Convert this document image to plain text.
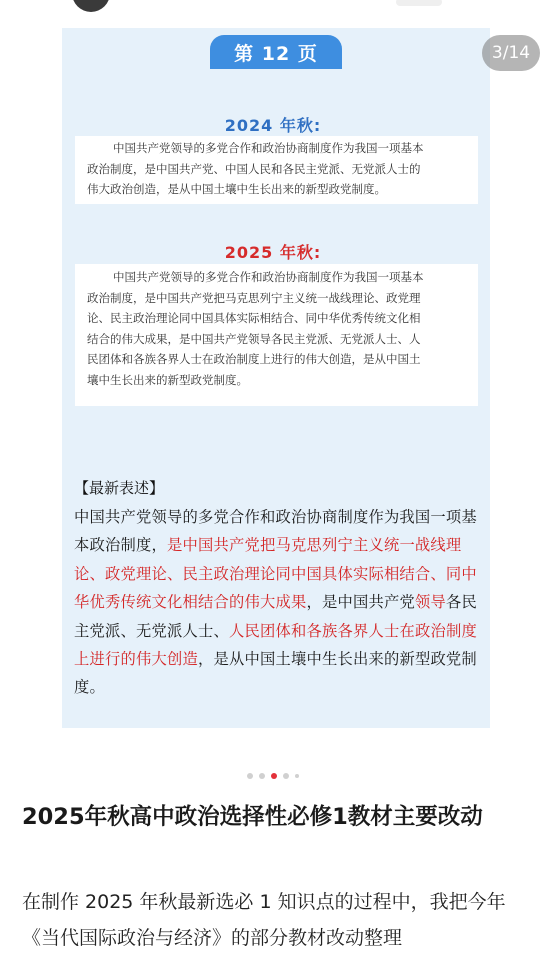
第 12 页	3/14
2024 年秋:
中国共产党领导的多党合作和政治协商制度作为我国一项基本
政治制度，是中国共产党、中国人民和各民主党派、无党派人士的
伟大政治创造，是从中国土壤中生长出来的新型政党制度。
2025 年秋:
中国共产党领导的多党合作和政治协商制度作为我国一项基本
政治制度，是中国共产党把马克思列宁主义统一战线理论、政党理
论、民主政治理论同中国具体实际相结合、同中华优秀传统文化相
结合的伟大成果，是中国共产党领导各民主党派、无党派人士、人
民团体和各族各界人士在政治制度上进行的伟大创造，是从中国土
壤中生长出来的新型政党制度。
【最新表述】
中国共产党领导的多党合作和政治协商制度作为我国一项基本政治制度，是中国共产党把马克思列宁主义统一战线理论、政党理论、民主政治理论同中国具体实际相结合、同中华优秀传统文化相结合的伟大成果，是中国共产党领导各民主党派、无党派人士、人民团体和各族各界人士在政治制度上进行的伟大创造，是从中国土壤中生长出来的新型政党制度。
2025年秋高中政治选择性必修1教材主要改动
在制作 2025 年秋最新选必 1 知识点的过程中，我把今年《当代国际政治与经济》的部分教材改动整理
